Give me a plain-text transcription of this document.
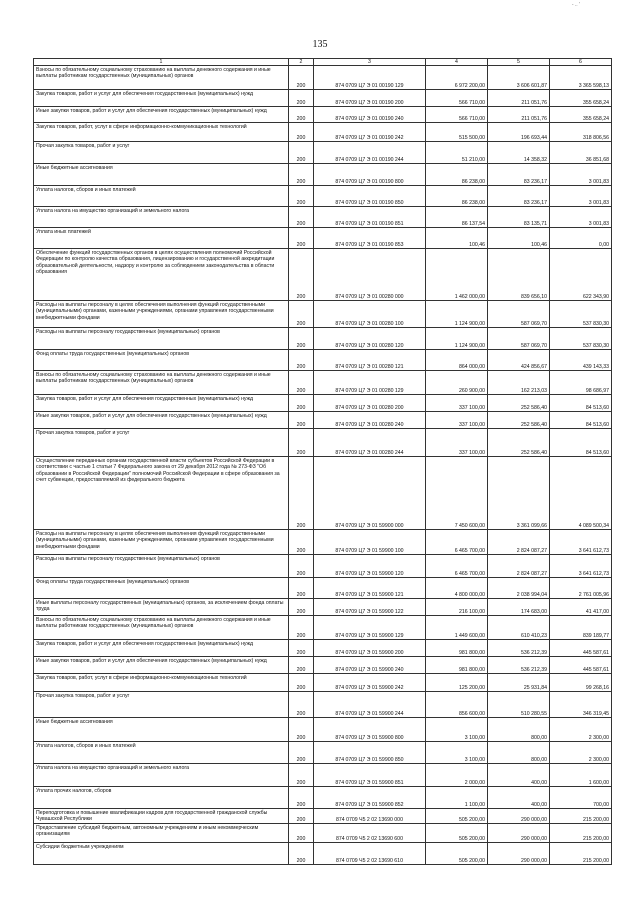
- .. '
135
1	2	3	4	5	6
Взносы по обязательному социальному страхованию на выплаты денежного содержания и иные выплаты работникам государственных (муниципальных) органов	200	874 0709 Ц7 Э 01 00190 129	6 972 200,00	3 606 601,87	3 365 598,13
Закупка товаров, работ и услуг для обеспечения государственных (муниципальных) нужд	200	874 0709 Ц7 Э 01 00190 200	566 710,00	211 051,76	355 658,24
Иные закупки товаров, работ и услуг для обеспечения государственных (муниципальных) нужд	200	874 0709 Ц7 Э 01 00190 240	566 710,00	211 051,76	355 658,24
Закупка товаров, работ, услуг в сфере информационно-коммуникационных технологий	200	874 0709 Ц7 Э 01 00190 242	515 500,00	196 693,44	318 806,56
Прочая закупка товаров, работ и услуг	200	874 0709 Ц7 Э 01 00190 244	51 210,00	14 358,32	36 851,68
Иные бюджетные ассигнования	200	874 0709 Ц7 Э 01 00190 800	86 238,00	83 236,17	3 001,83
Уплата налогов, сборов и иных платежей	200	874 0709 Ц7 Э 01 00190 850	86 238,00	83 236,17	3 001,83
Уплата налога на имущество организаций и земельного налога	200	874 0709 Ц7 Э 01 00190 851	86 137,54	83 135,71	3 001,83
Уплата иных платежей	200	874 0709 Ц7 Э 01 00190 853	100,46	100,46	0,00
Обеспечение функций государственных органов в целях осуществления полномочий Российской Федерации по контролю качества образования, лицензированию и государственной аккредитации образовательной деятельности, надзору и контролю за соблюдением законодательства в области образования	200	874 0709 Ц7 Э 01 00280 000	1 462 000,00	839 656,10	622 343,90
Расходы на выплаты персоналу в целях обеспечения выполнения функций государственными (муниципальными) органами, казенными учреждениями, органами управления государственными внебюджетными фондами	200	874 0709 Ц7 Э 01 00280 100	1 124 900,00	587 069,70	537 830,30
Расходы на выплаты персоналу государственных (муниципальных) органов	200	874 0709 Ц7 Э 01 00280 120	1 124 900,00	587 069,70	537 830,30
Фонд оплаты труда государственных (муниципальных) органов	200	874 0709 Ц7 Э 01 00280 121	864 000,00	424 856,67	439 143,33
Взносы по обязательному социальному страхованию на выплаты денежного содержания и иные выплаты работникам государственных (муниципальных) органов	200	874 0709 Ц7 Э 01 00280 129	260 900,00	162 213,03	98 686,97
Закупка товаров, работ и услуг для обеспечения государственных (муниципальных) нужд	200	874 0709 Ц7 Э 01 00280 200	337 100,00	252 586,40	84 513,60
Иные закупки товаров, работ и услуг для обеспечения государственных (муниципальных) нужд	200	874 0709 Ц7 Э 01 00280 240	337 100,00	252 586,40	84 513,60
Прочая закупка товаров, работ и услуг	200	874 0709 Ц7 Э 01 00280 244	337 100,00	252 586,40	84 513,60
Осуществление переданных органам государственной власти субъектов Российской Федерации в соответствии с частью 1 статьи 7 Федерального закона от 29 декабря 2012 года № 273-ФЗ "Об образовании в Российской Федерации" полномочий Российской Федерации в сфере образования за счет субвенции, предоставляемой из федерального бюджета	200	874 0709 Ц7 Э 01 59900 000	7 450 600,00	3 361 099,66	4 089 500,34
Расходы на выплаты персоналу в целях обеспечения выполнения функций государственными (муниципальными) органами, казенными учреждениями, органами управления государственными внебюджетными фондами	200	874 0709 Ц7 Э 01 59900 100	6 465 700,00	2 824 087,27	3 641 612,73
Расходы на выплаты персоналу государственных (муниципальных) органов	200	874 0709 Ц7 Э 01 59900 120	6 465 700,00	2 824 087,27	3 641 612,73
Фонд оплаты труда государственных (муниципальных) органов	200	874 0709 Ц7 Э 01 59900 121	4 800 000,00	2 038 994,04	2 761 005,96
Иные выплаты персоналу государственных (муниципальных) органов, за исключением фонда оплаты труда	200	874 0709 Ц7 Э 01 59900 122	216 100,00	174 683,00	41 417,00
Взносы по обязательному социальному страхованию на выплаты денежного содержания и иные выплаты работникам государственных (муниципальных) органов	200	874 0709 Ц7 Э 01 59900 129	1 449 600,00	610 410,23	839 189,77
Закупка товаров, работ и услуг для обеспечения государственных (муниципальных) нужд	200	874 0709 Ц7 Э 01 59900 200	981 800,00	536 212,39	445 587,61
Иные закупки товаров, работ и услуг для обеспечения государственных (муниципальных) нужд	200	874 0709 Ц7 Э 01 59900 240	981 800,00	536 212,39	445 587,61
Закупка товаров, работ, услуг в сфере информационно-коммуникационных технологий	200	874 0709 Ц7 Э 01 59900 242	125 200,00	25 931,84	99 268,16
Прочая закупка товаров, работ и услуг	200	874 0709 Ц7 Э 01 59900 244	856 600,00	510 280,55	346 319,45
Иные бюджетные ассигнования	200	874 0709 Ц7 Э 01 59900 800	3 100,00	800,00	2 300,00
Уплата налогов, сборов и иных платежей	200	874 0709 Ц7 Э 01 59900 850	3 100,00	800,00	2 300,00
Уплата налога на имущество организаций и земельного налога	200	874 0709 Ц7 Э 01 59900 851	2 000,00	400,00	1 600,00
Уплата прочих налогов, сборов	200	874 0709 Ц7 Э 01 59900 852	1 100,00	400,00	700,00
Переподготовка и повышение квалификации кадров для государственной гражданской службы Чувашской Республики	200	874 0709 Ч5 2 02 13690 000	505 200,00	290 000,00	215 200,00
Предоставление субсидий бюджетным, автономным учреждениям и иным некоммерческим организациям	200	874 0709 Ч5 2 02 13690 600	505 200,00	290 000,00	215 200,00
Субсидии бюджетным учреждениям	200	874 0709 Ч5 2 02 13690 610	505 200,00	290 000,00	215 200,00
